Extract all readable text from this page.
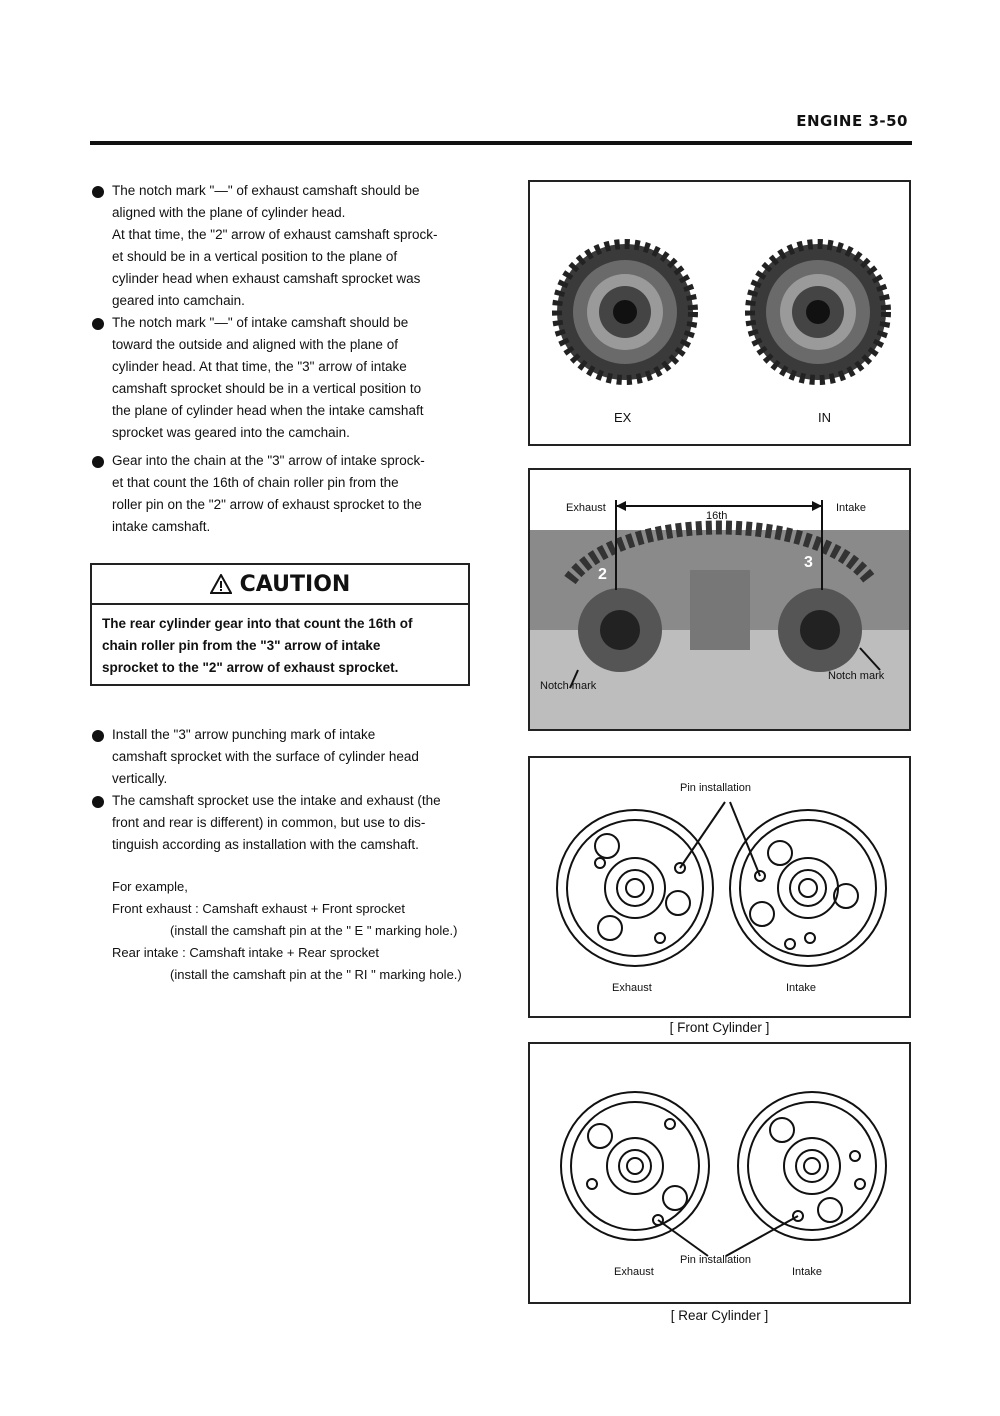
ENGINE 3-50
The notch mark "—" of exhaust camshaft should be
aligned with the plane of cylinder head.
At that time, the "2" arrow of exhaust camshaft sprock-
et should be in a vertical position to the plane of
cylinder head when exhaust camshaft sprocket was
geared into camchain.
The notch mark "—" of intake camshaft should be
toward the outside and aligned with the plane of
cylinder head. At that time, the "3" arrow of intake
camshaft sprocket should be in a vertical position to
the plane of cylinder head when the intake camshaft
sprocket was geared into the camchain.
Gear into the chain at the "3" arrow of intake sprock-
et that count the 16th of chain roller pin from the
roller pin on the "2" arrow of exhaust sprocket to the
intake camshaft.
CAUTION
The rear cylinder gear into that count the 16th of
chain roller pin from the "3" arrow of intake
sprocket to the "2" arrow of exhaust sprocket.
Install the "3" arrow punching mark of intake
camshaft sprocket with the surface of cylinder head
vertically.
The camshaft sprocket use the intake and exhaust (the
front and rear is different) in common, but use to dis-
tinguish according as installation with the camshaft.
For example,
Front exhaust : Camshaft exhaust + Front sprocket
(install the camshaft pin at the " E " marking hole.)
Rear intake : Camshaft intake + Rear sprocket
(install the camshaft pin at the " RI " marking hole.)
EX	IN
Exhaust	Intake
16th
2
3
Notch mark
Notch mark
Pin installation
Exhaust	Intake
[ Front Cylinder ]
Pin installation
Exhaust	Intake
[ Rear Cylinder ]
